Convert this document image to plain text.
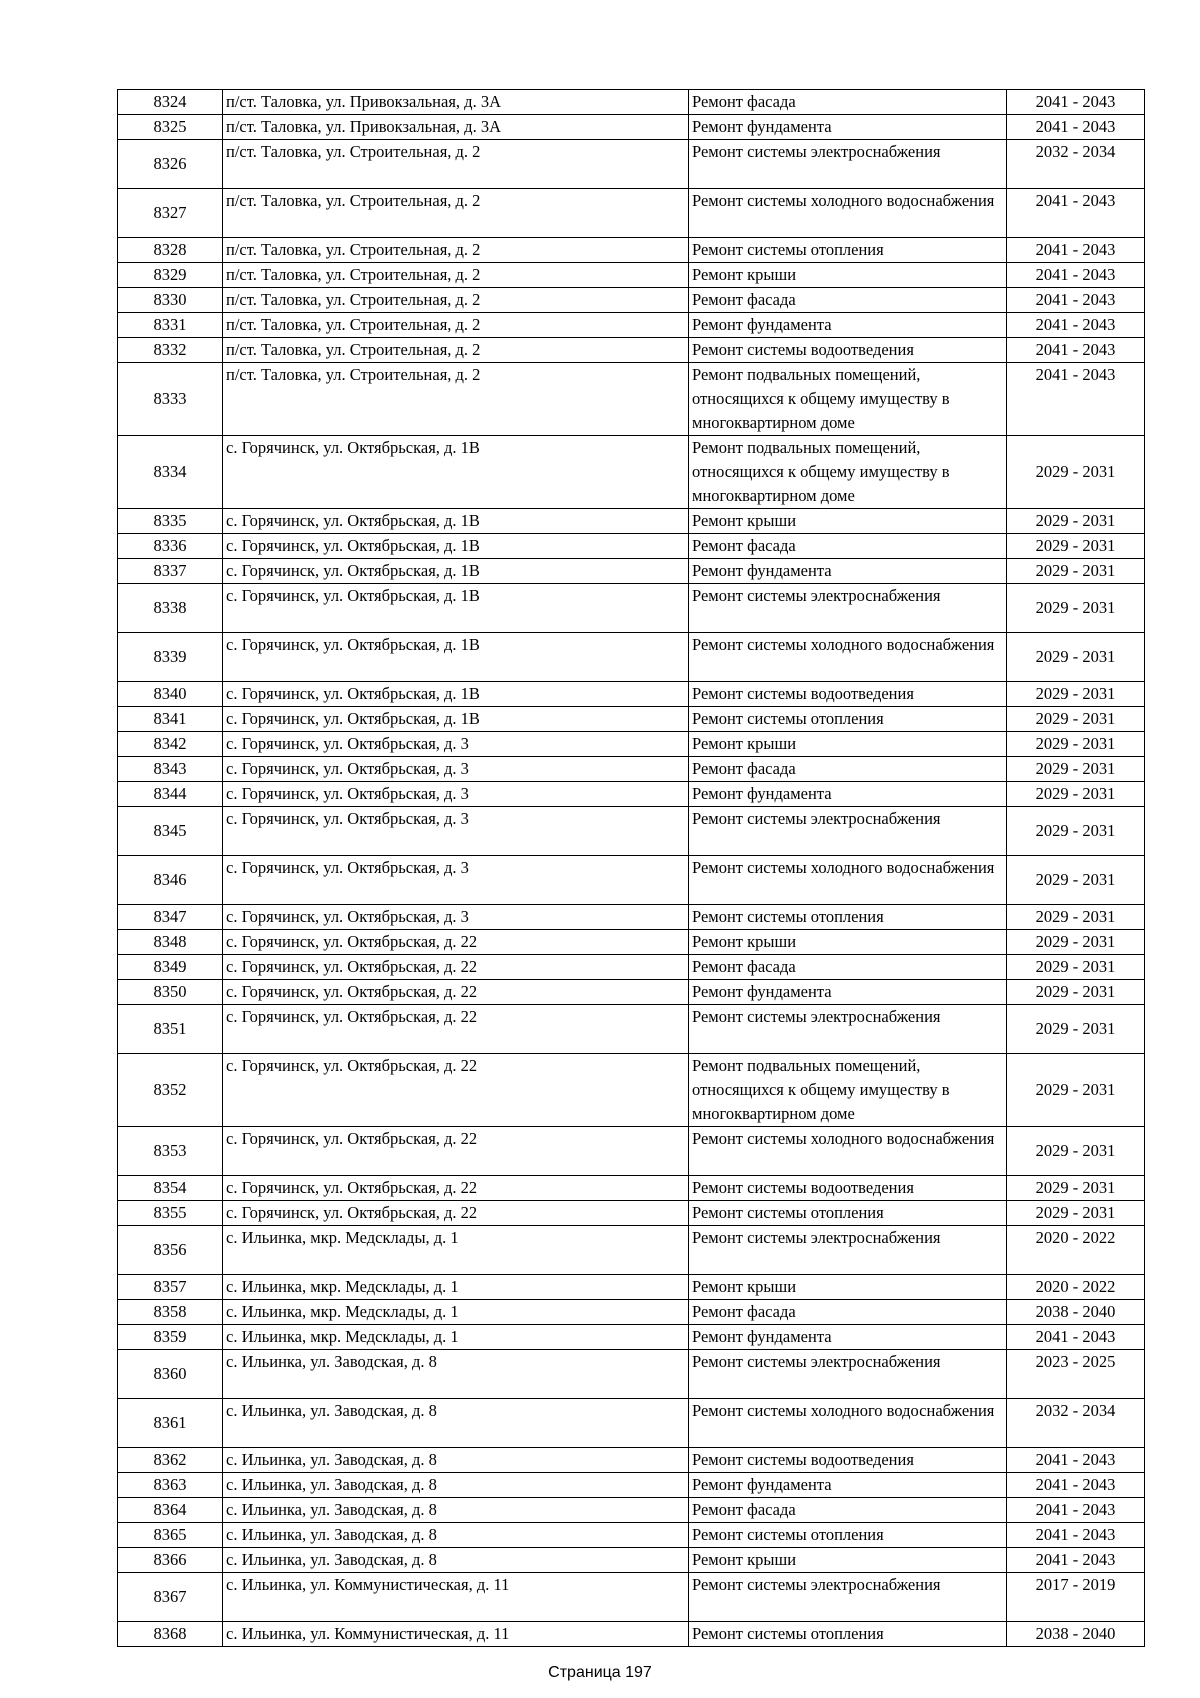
8324	п/ст. Таловка, ул. Привокзальная, д. 3А	Ремонт фасада	2041 - 2043
8325	п/ст. Таловка, ул. Привокзальная, д. 3А	Ремонт фундамента	2041 - 2043
8326	п/ст. Таловка, ул. Строительная, д. 2	Ремонт системы электроснабжения	2032 - 2034
8327	п/ст. Таловка, ул. Строительная, д. 2	Ремонт системы холодного водоснабжения	2041 - 2043
8328	п/ст. Таловка, ул. Строительная, д. 2	Ремонт системы отопления	2041 - 2043
8329	п/ст. Таловка, ул. Строительная, д. 2	Ремонт крыши	2041 - 2043
8330	п/ст. Таловка, ул. Строительная, д. 2	Ремонт фасада	2041 - 2043
8331	п/ст. Таловка, ул. Строительная, д. 2	Ремонт фундамента	2041 - 2043
8332	п/ст. Таловка, ул. Строительная, д. 2	Ремонт системы водоотведения	2041 - 2043
8333	п/ст. Таловка, ул. Строительная, д. 2	Ремонт подвальных помещений, относящихся к общему имуществу в многоквартирном доме	2041 - 2043
8334	с. Горячинск, ул. Октябрьская, д. 1В	Ремонт подвальных помещений, относящихся к общему имуществу в многоквартирном доме	2029 - 2031
8335	с. Горячинск, ул. Октябрьская, д. 1В	Ремонт крыши	2029 - 2031
8336	с. Горячинск, ул. Октябрьская, д. 1В	Ремонт фасада	2029 - 2031
8337	с. Горячинск, ул. Октябрьская, д. 1В	Ремонт фундамента	2029 - 2031
8338	с. Горячинск, ул. Октябрьская, д. 1В	Ремонт системы электроснабжения	2029 - 2031
8339	с. Горячинск, ул. Октябрьская, д. 1В	Ремонт системы холодного водоснабжения	2029 - 2031
8340	с. Горячинск, ул. Октябрьская, д. 1В	Ремонт системы водоотведения	2029 - 2031
8341	с. Горячинск, ул. Октябрьская, д. 1В	Ремонт системы отопления	2029 - 2031
8342	с. Горячинск, ул. Октябрьская, д. 3	Ремонт крыши	2029 - 2031
8343	с. Горячинск, ул. Октябрьская, д. 3	Ремонт фасада	2029 - 2031
8344	с. Горячинск, ул. Октябрьская, д. 3	Ремонт фундамента	2029 - 2031
8345	с. Горячинск, ул. Октябрьская, д. 3	Ремонт системы электроснабжения	2029 - 2031
8346	с. Горячинск, ул. Октябрьская, д. 3	Ремонт системы холодного водоснабжения	2029 - 2031
8347	с. Горячинск, ул. Октябрьская, д. 3	Ремонт системы отопления	2029 - 2031
8348	с. Горячинск, ул. Октябрьская, д. 22	Ремонт крыши	2029 - 2031
8349	с. Горячинск, ул. Октябрьская, д. 22	Ремонт фасада	2029 - 2031
8350	с. Горячинск, ул. Октябрьская, д. 22	Ремонт фундамента	2029 - 2031
8351	с. Горячинск, ул. Октябрьская, д. 22	Ремонт системы электроснабжения	2029 - 2031
8352	с. Горячинск, ул. Октябрьская, д. 22	Ремонт подвальных помещений, относящихся к общему имуществу в многоквартирном доме	2029 - 2031
8353	с. Горячинск, ул. Октябрьская, д. 22	Ремонт системы холодного водоснабжения	2029 - 2031
8354	с. Горячинск, ул. Октябрьская, д. 22	Ремонт системы водоотведения	2029 - 2031
8355	с. Горячинск, ул. Октябрьская, д. 22	Ремонт системы отопления	2029 - 2031
8356	с. Ильинка, мкр. Медсклады, д. 1	Ремонт системы электроснабжения	2020 - 2022
8357	с. Ильинка, мкр. Медсклады, д. 1	Ремонт крыши	2020 - 2022
8358	с. Ильинка, мкр. Медсклады, д. 1	Ремонт фасада	2038 - 2040
8359	с. Ильинка, мкр. Медсклады, д. 1	Ремонт фундамента	2041 - 2043
8360	с. Ильинка, ул. Заводская, д. 8	Ремонт системы электроснабжения	2023 - 2025
8361	с. Ильинка, ул. Заводская, д. 8	Ремонт системы холодного водоснабжения	2032 - 2034
8362	с. Ильинка, ул. Заводская, д. 8	Ремонт системы водоотведения	2041 - 2043
8363	с. Ильинка, ул. Заводская, д. 8	Ремонт фундамента	2041 - 2043
8364	с. Ильинка, ул. Заводская, д. 8	Ремонт фасада	2041 - 2043
8365	с. Ильинка, ул. Заводская, д. 8	Ремонт системы отопления	2041 - 2043
8366	с. Ильинка, ул. Заводская, д. 8	Ремонт крыши	2041 - 2043
8367	с. Ильинка, ул. Коммунистическая, д. 11	Ремонт системы электроснабжения	2017 - 2019
8368	с. Ильинка, ул. Коммунистическая, д. 11	Ремонт системы отопления	2038 - 2040
Страница 197
